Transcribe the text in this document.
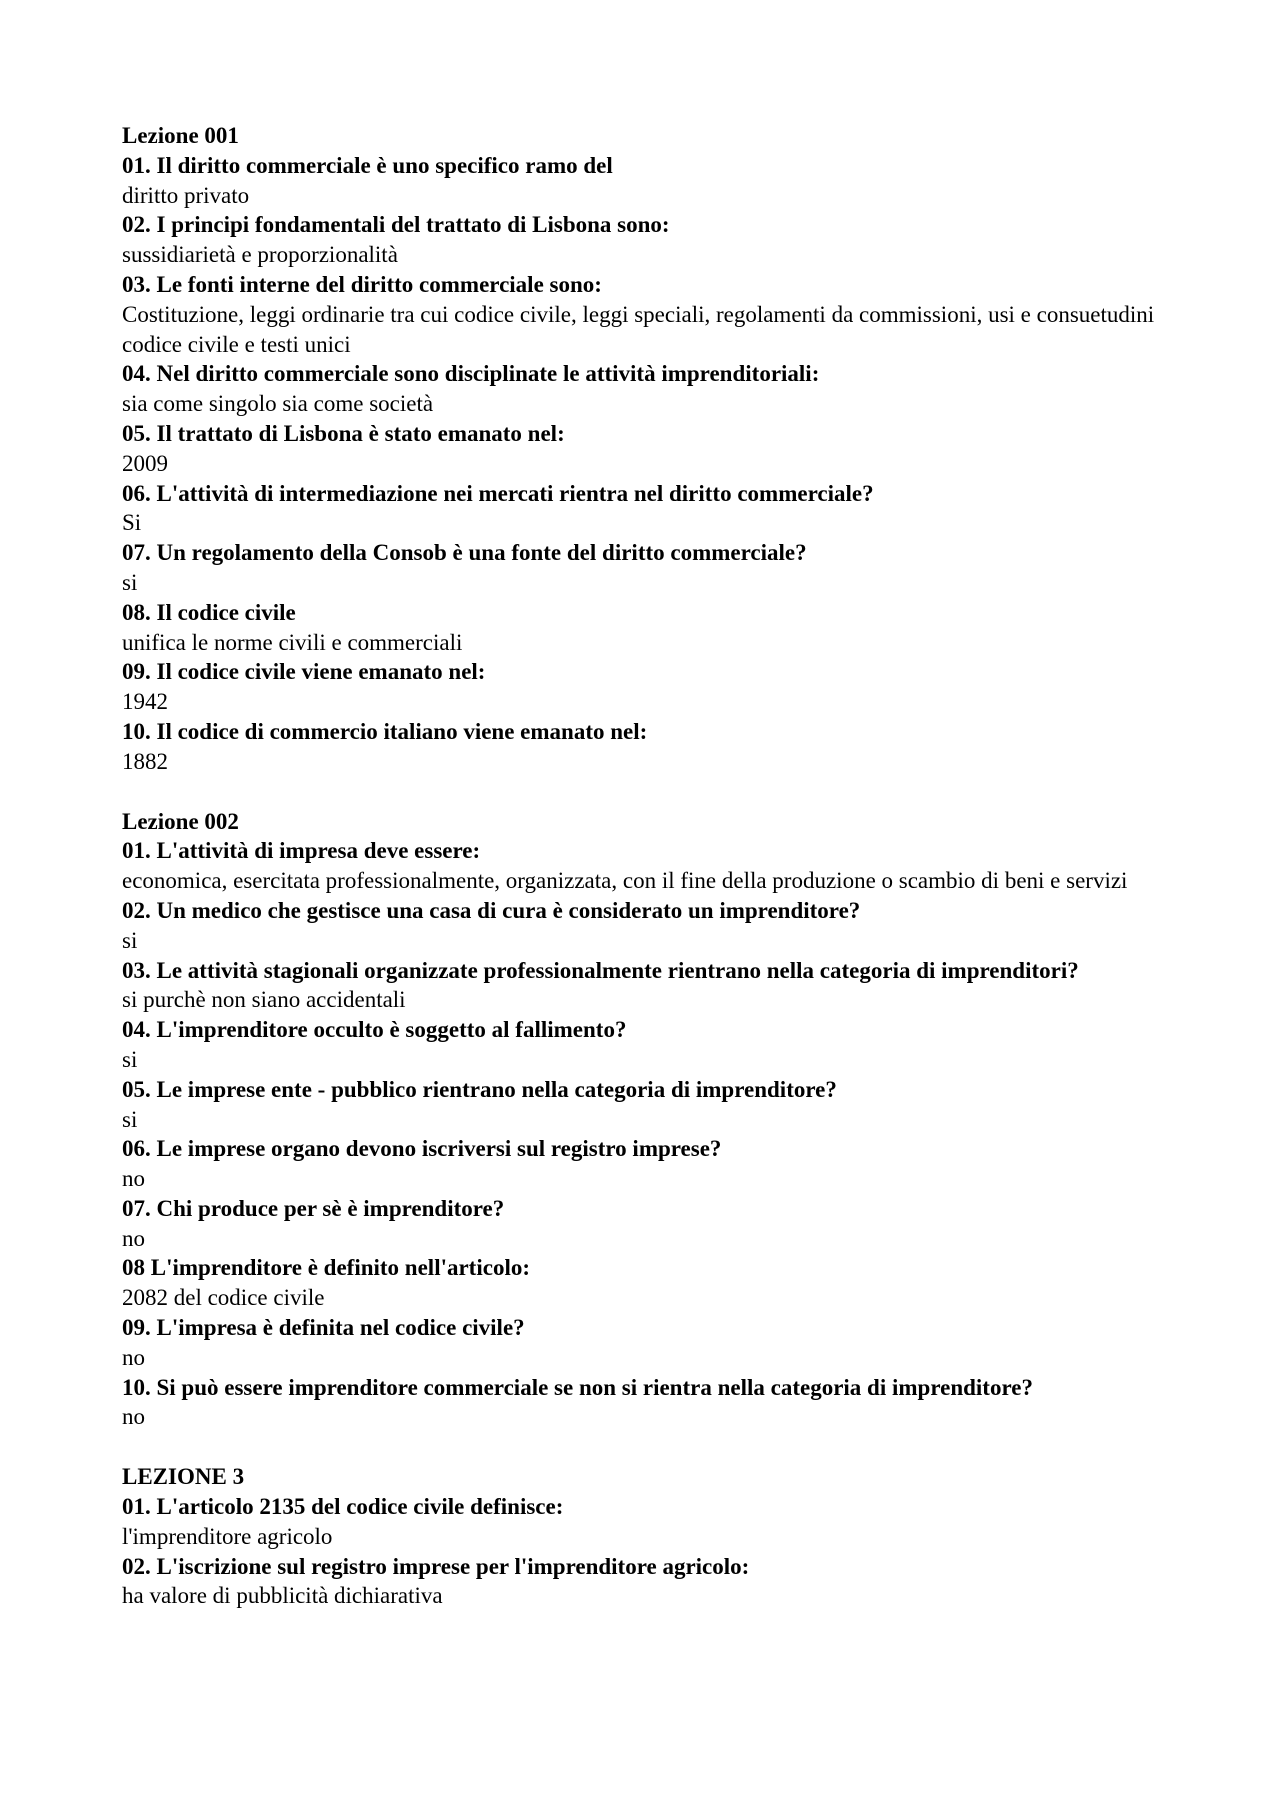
Lezione 001
01. Il diritto commerciale è uno specifico ramo del
diritto privato
02. I principi fondamentali del trattato di Lisbona sono:
sussidiarietà e proporzionalità
03. Le fonti interne del diritto commerciale sono:
Costituzione, leggi ordinarie tra cui codice civile, leggi speciali, regolamenti da commissioni, usi e consuetudini codice civile e testi unici
04. Nel diritto commerciale sono disciplinate le attività imprenditoriali:
sia come singolo sia come società
05. Il trattato di Lisbona è stato emanato nel:
2009
06. L'attività di intermediazione nei mercati rientra nel diritto commerciale?
Si
07. Un regolamento della Consob è una fonte del diritto commerciale?
si
08. Il codice civile
unifica le norme civili e commerciali
09. Il codice civile viene emanato nel:
1942
10. Il codice di commercio italiano viene emanato nel:
1882
Lezione 002
01. L'attività di impresa deve essere:
economica, esercitata professionalmente, organizzata, con il fine della produzione o scambio di beni e servizi
02. Un medico che gestisce una casa di cura è considerato un imprenditore?
si
03. Le attività stagionali organizzate professionalmente rientrano nella categoria di imprenditori?
si purchè non siano accidentali
04. L'imprenditore occulto è soggetto al fallimento?
si
05. Le imprese ente - pubblico rientrano nella categoria di imprenditore?
si
06. Le imprese organo devono iscriversi sul registro imprese?
no
07. Chi produce per sè è imprenditore?
no
08 L'imprenditore è definito nell'articolo:
2082 del codice civile
09. L'impresa è definita nel codice civile?
no
10. Si può essere imprenditore commerciale se non si rientra nella categoria di imprenditore?
no
LEZIONE 3
01. L'articolo 2135 del codice civile definisce:
l'imprenditore agricolo
02. L'iscrizione sul registro imprese per l'imprenditore agricolo:
ha valore di pubblicità dichiarativa
